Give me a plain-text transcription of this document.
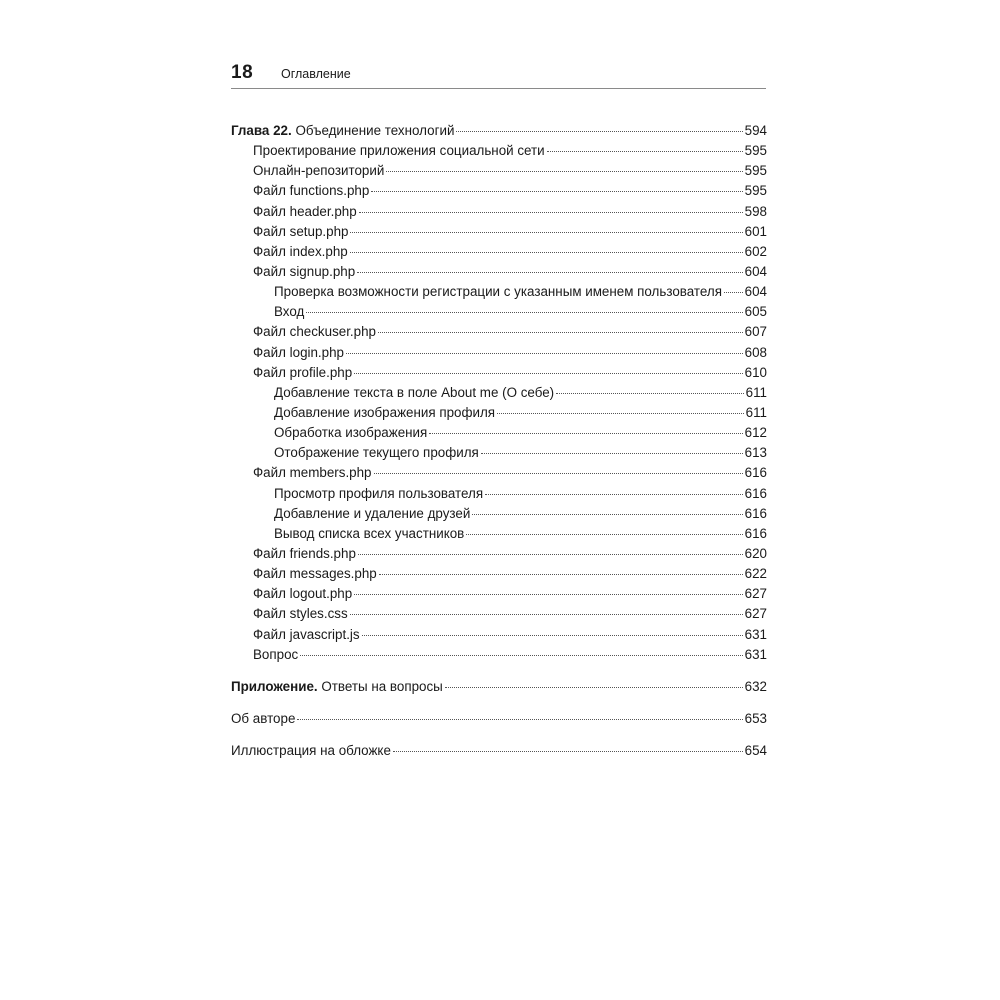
18 Оглавление
Глава 22. Объединение технологий	594
Проектирование приложения социальной сети	595
Онлайн-репозиторий	595
Файл functions.php	595
Файл header.php	598
Файл setup.php	601
Файл index.php	602
Файл signup.php	604
Проверка возможности регистрации с указанным именем пользователя 604
Вход	605
Файл checkuser.php	607
Файл login.php	608
Файл profile.php	610
Добавление текста в поле About me (О себе)	611
Добавление изображения профиля	611
Обработка изображения	612
Отображение текущего профиля	613
Файл members.php	616
Просмотр профиля пользователя	616
Добавление и удаление друзей	616
Вывод списка всех участников	616
Файл friends.php	620
Файл messages.php	622
Файл logout.php	627
Файл styles.css	627
Файл javascript.js	631
Вопрос	631
Приложение. Ответы на вопросы	632
Об авторе	653
Иллюстрация на обложке	654
